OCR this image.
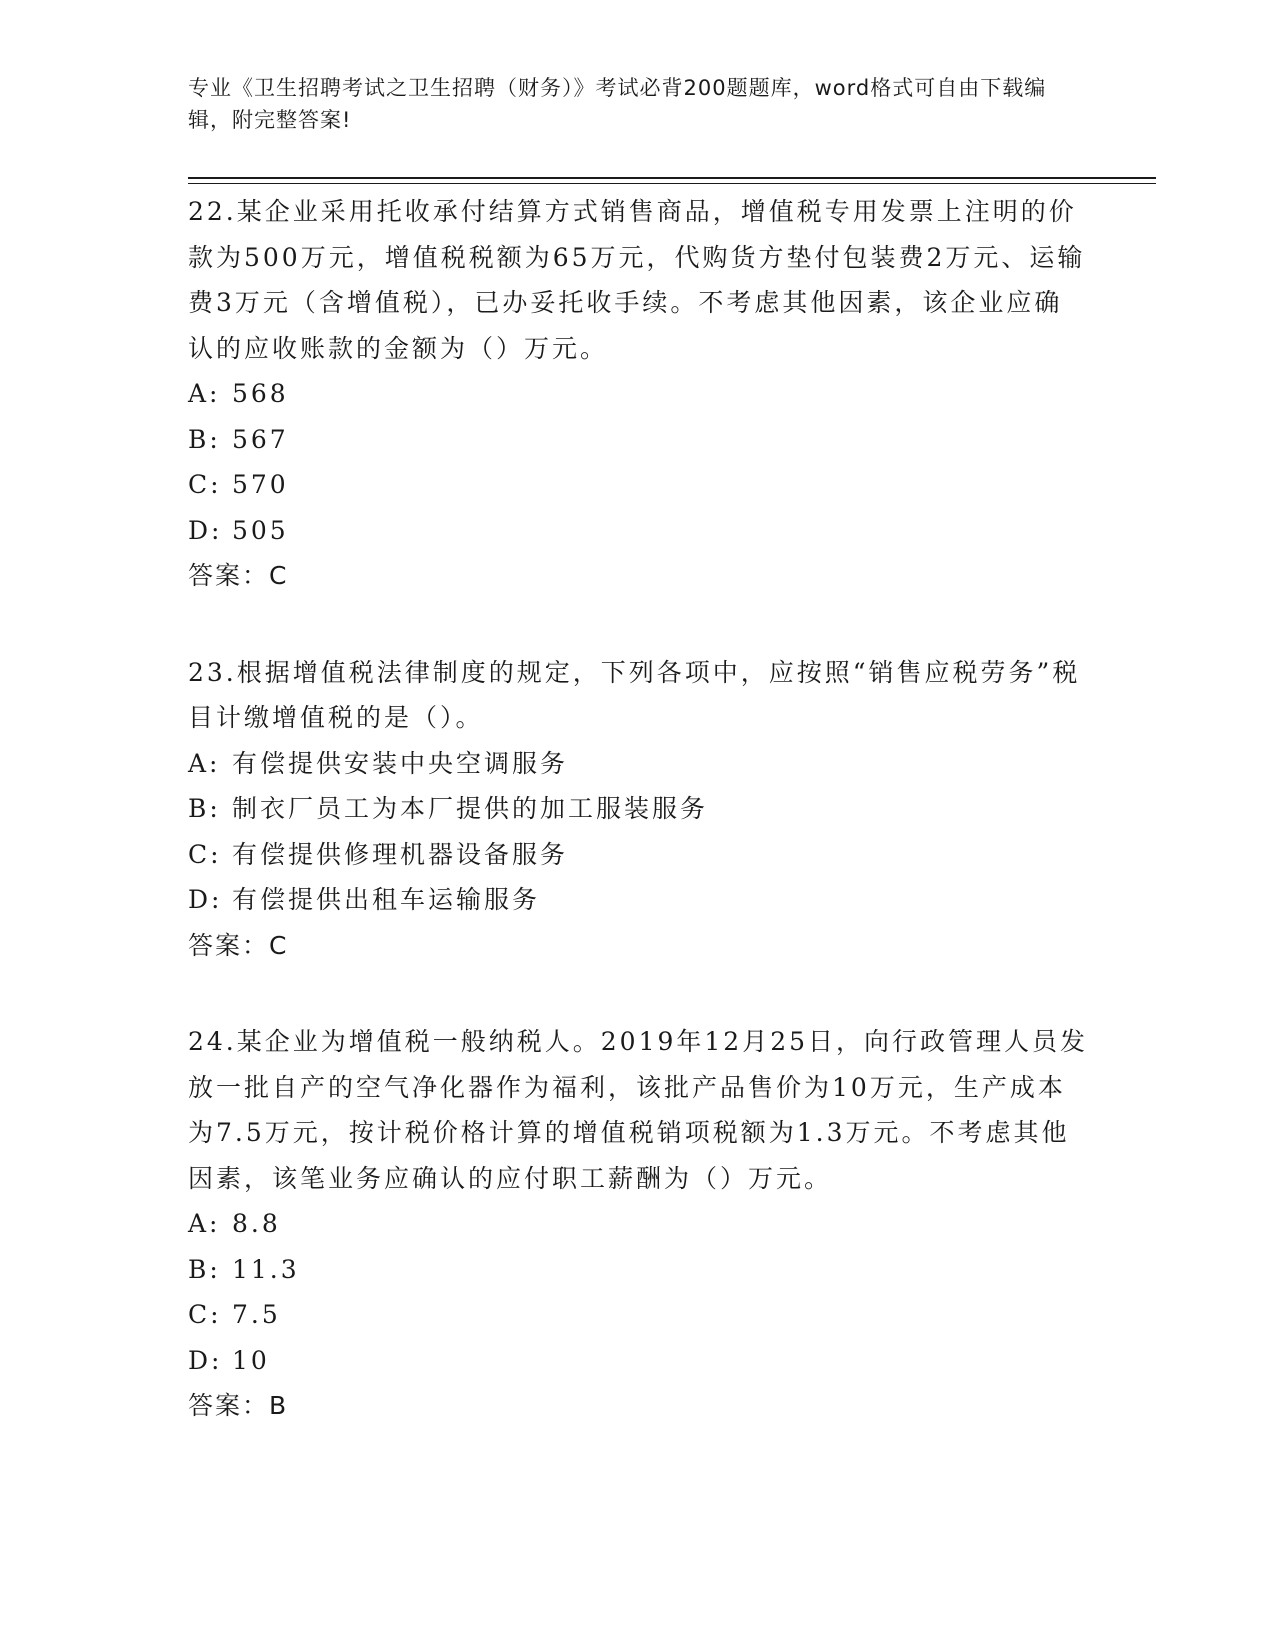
专业《卫生招聘考试之卫生招聘（财务）》考试必背200题题库，word格式可自由下载编辑，附完整答案!

22.某企业采用托收承付结算方式销售商品，增值税专用发票上注明的价款为500万元，增值税税额为65万元，代购货方垫付包装费2万元、运输费3万元（含增值税），已办妥托收手续。不考虑其他因素，该企业应确认的应收账款的金额为（）万元。

A: 568

B: 567

C: 570

D: 505

答案：C

23.根据增值税法律制度的规定，下列各项中，应按照“销售应税劳务”税目计缴增值税的是（）。

A: 有偿提供安装中央空调服务

B: 制衣厂员工为本厂提供的加工服装服务

C: 有偿提供修理机器设备服务

D: 有偿提供出租车运输服务

答案：C

24.某企业为增值税一般纳税人。2019年12月25日，向行政管理人员发放一批自产的空气净化器作为福利，该批产品售价为10万元，生产成本为7.5万元，按计税价格计算的增值税销项税额为1.3万元。不考虑其他因素，该笔业务应确认的应付职工薪酬为（）万元。

A: 8.8

B: 11.3

C: 7.5

D: 10

答案：B
